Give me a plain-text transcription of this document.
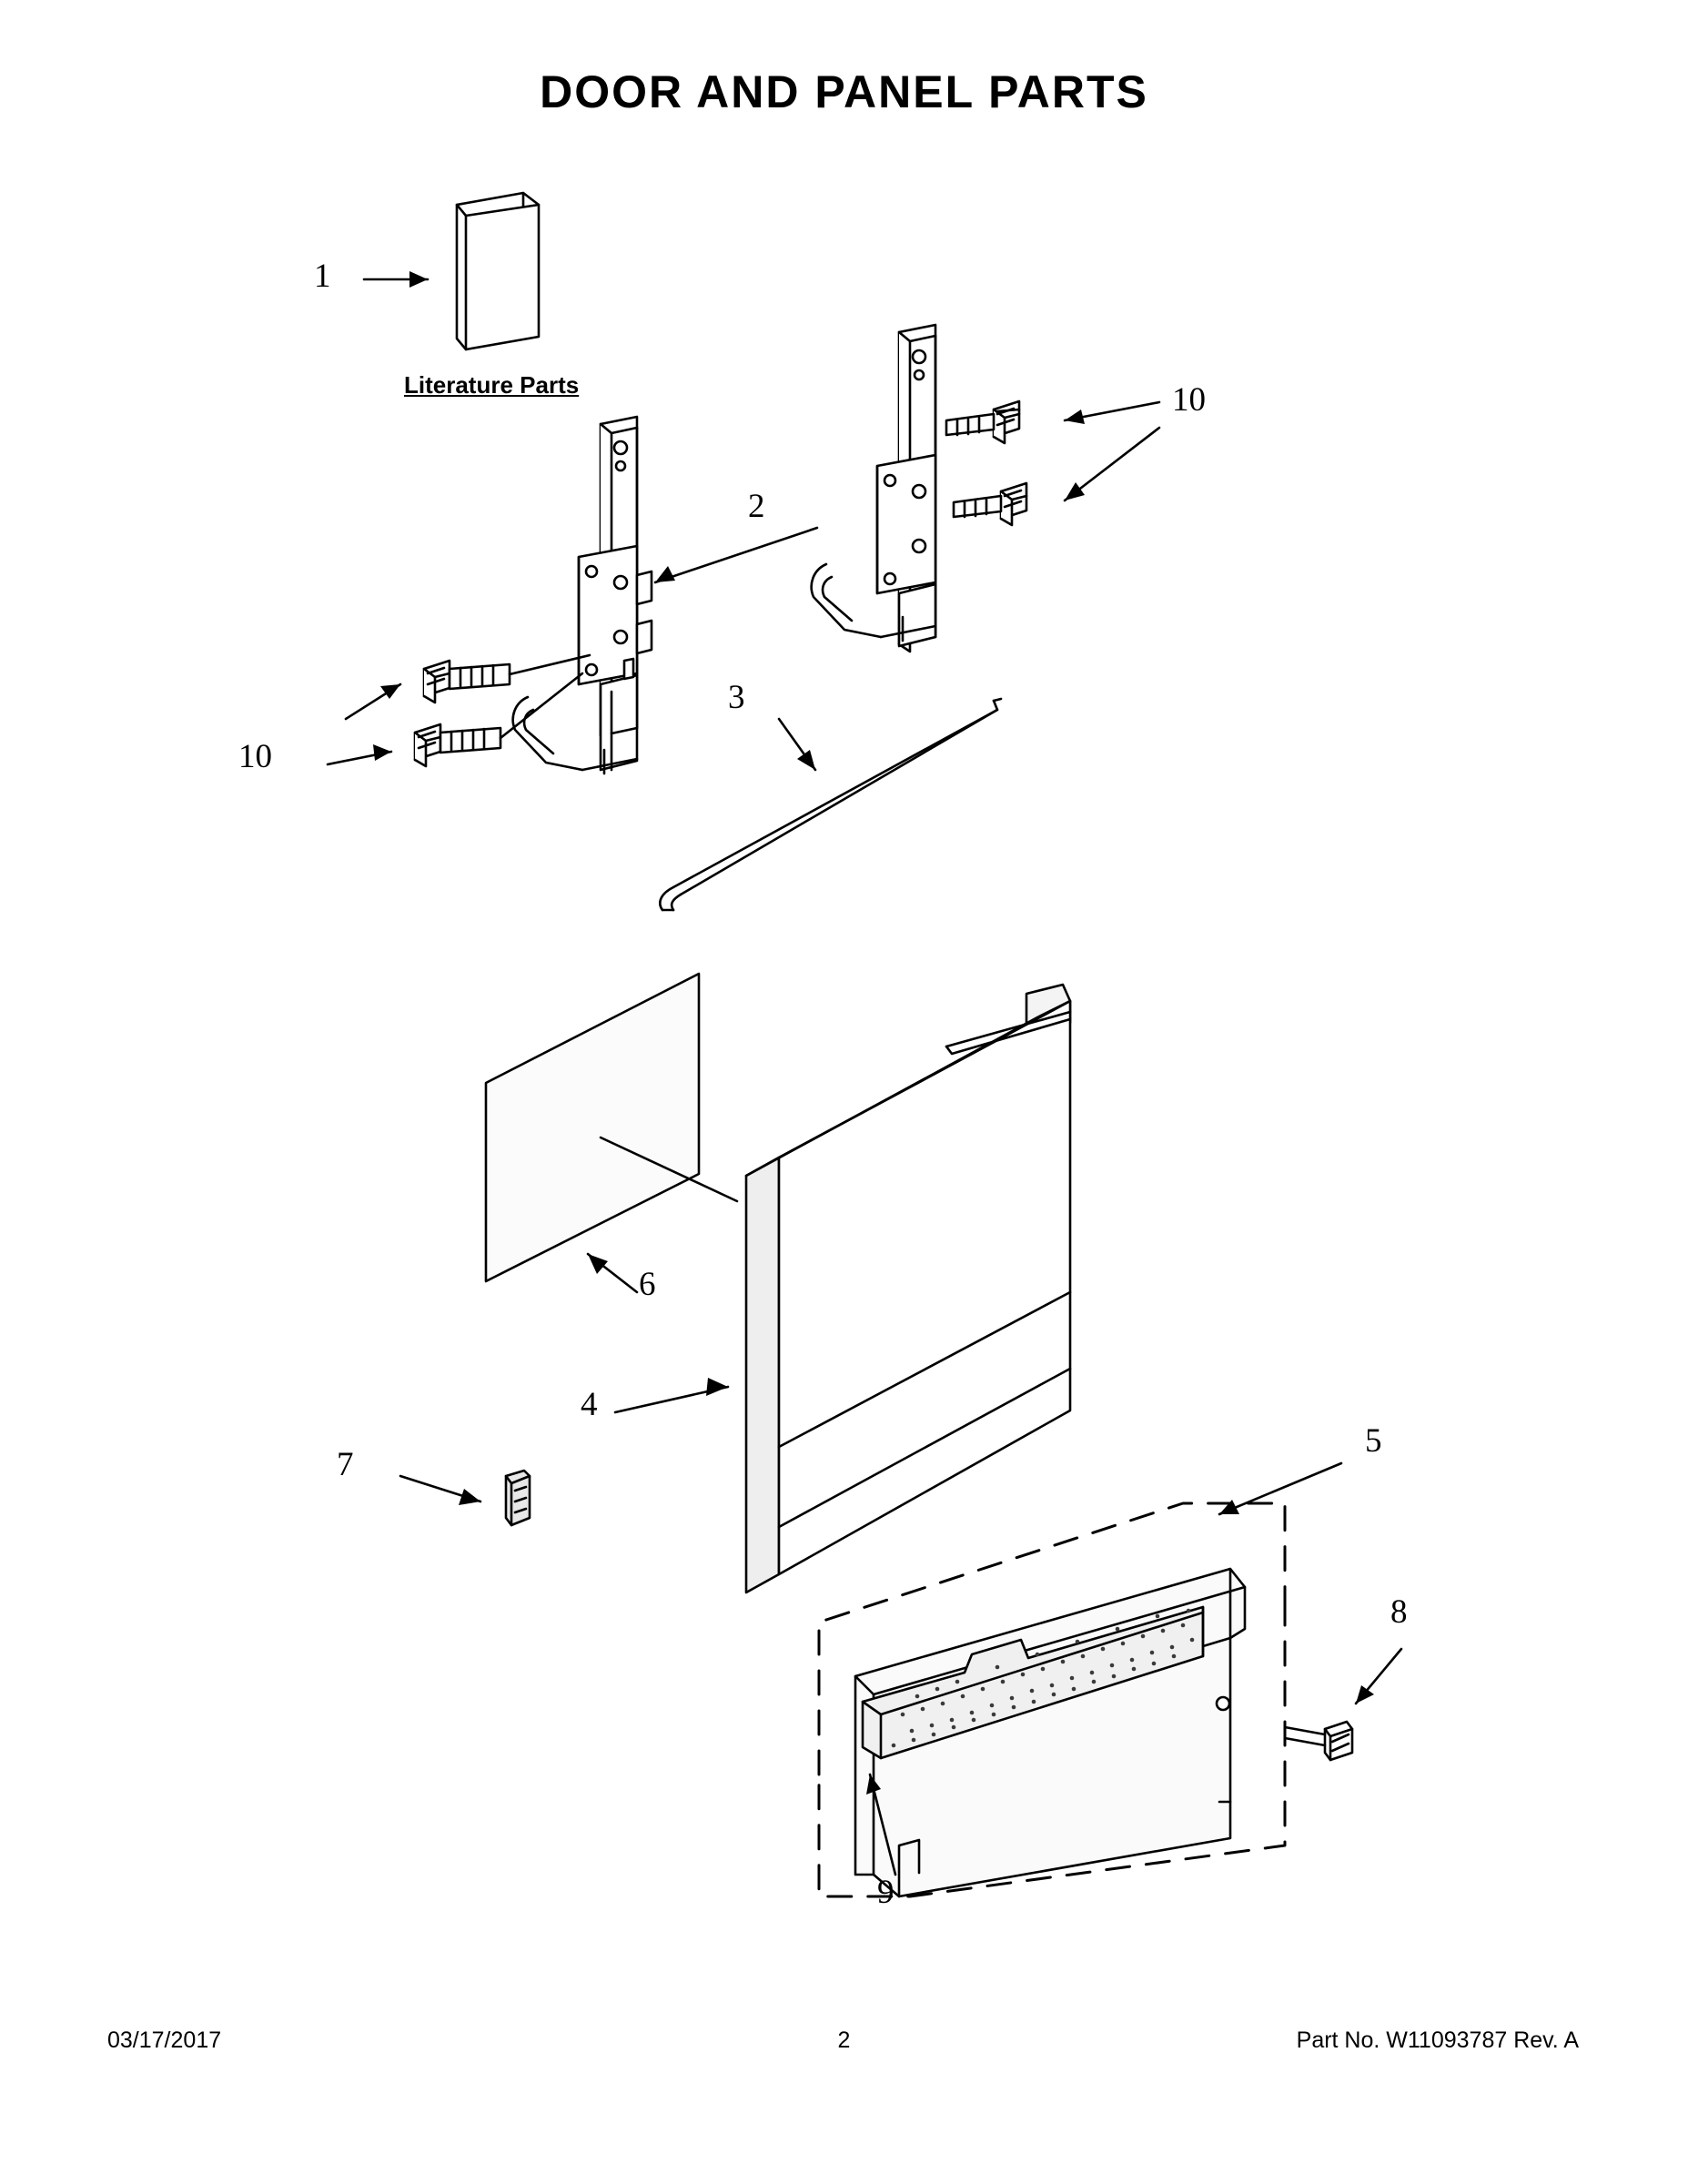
DOOR AND PANEL PARTS
Literature Parts
1
2
3
4
5
6
7
8
9
10
10
03/17/2017	2	Part No. W11093787 Rev. A
